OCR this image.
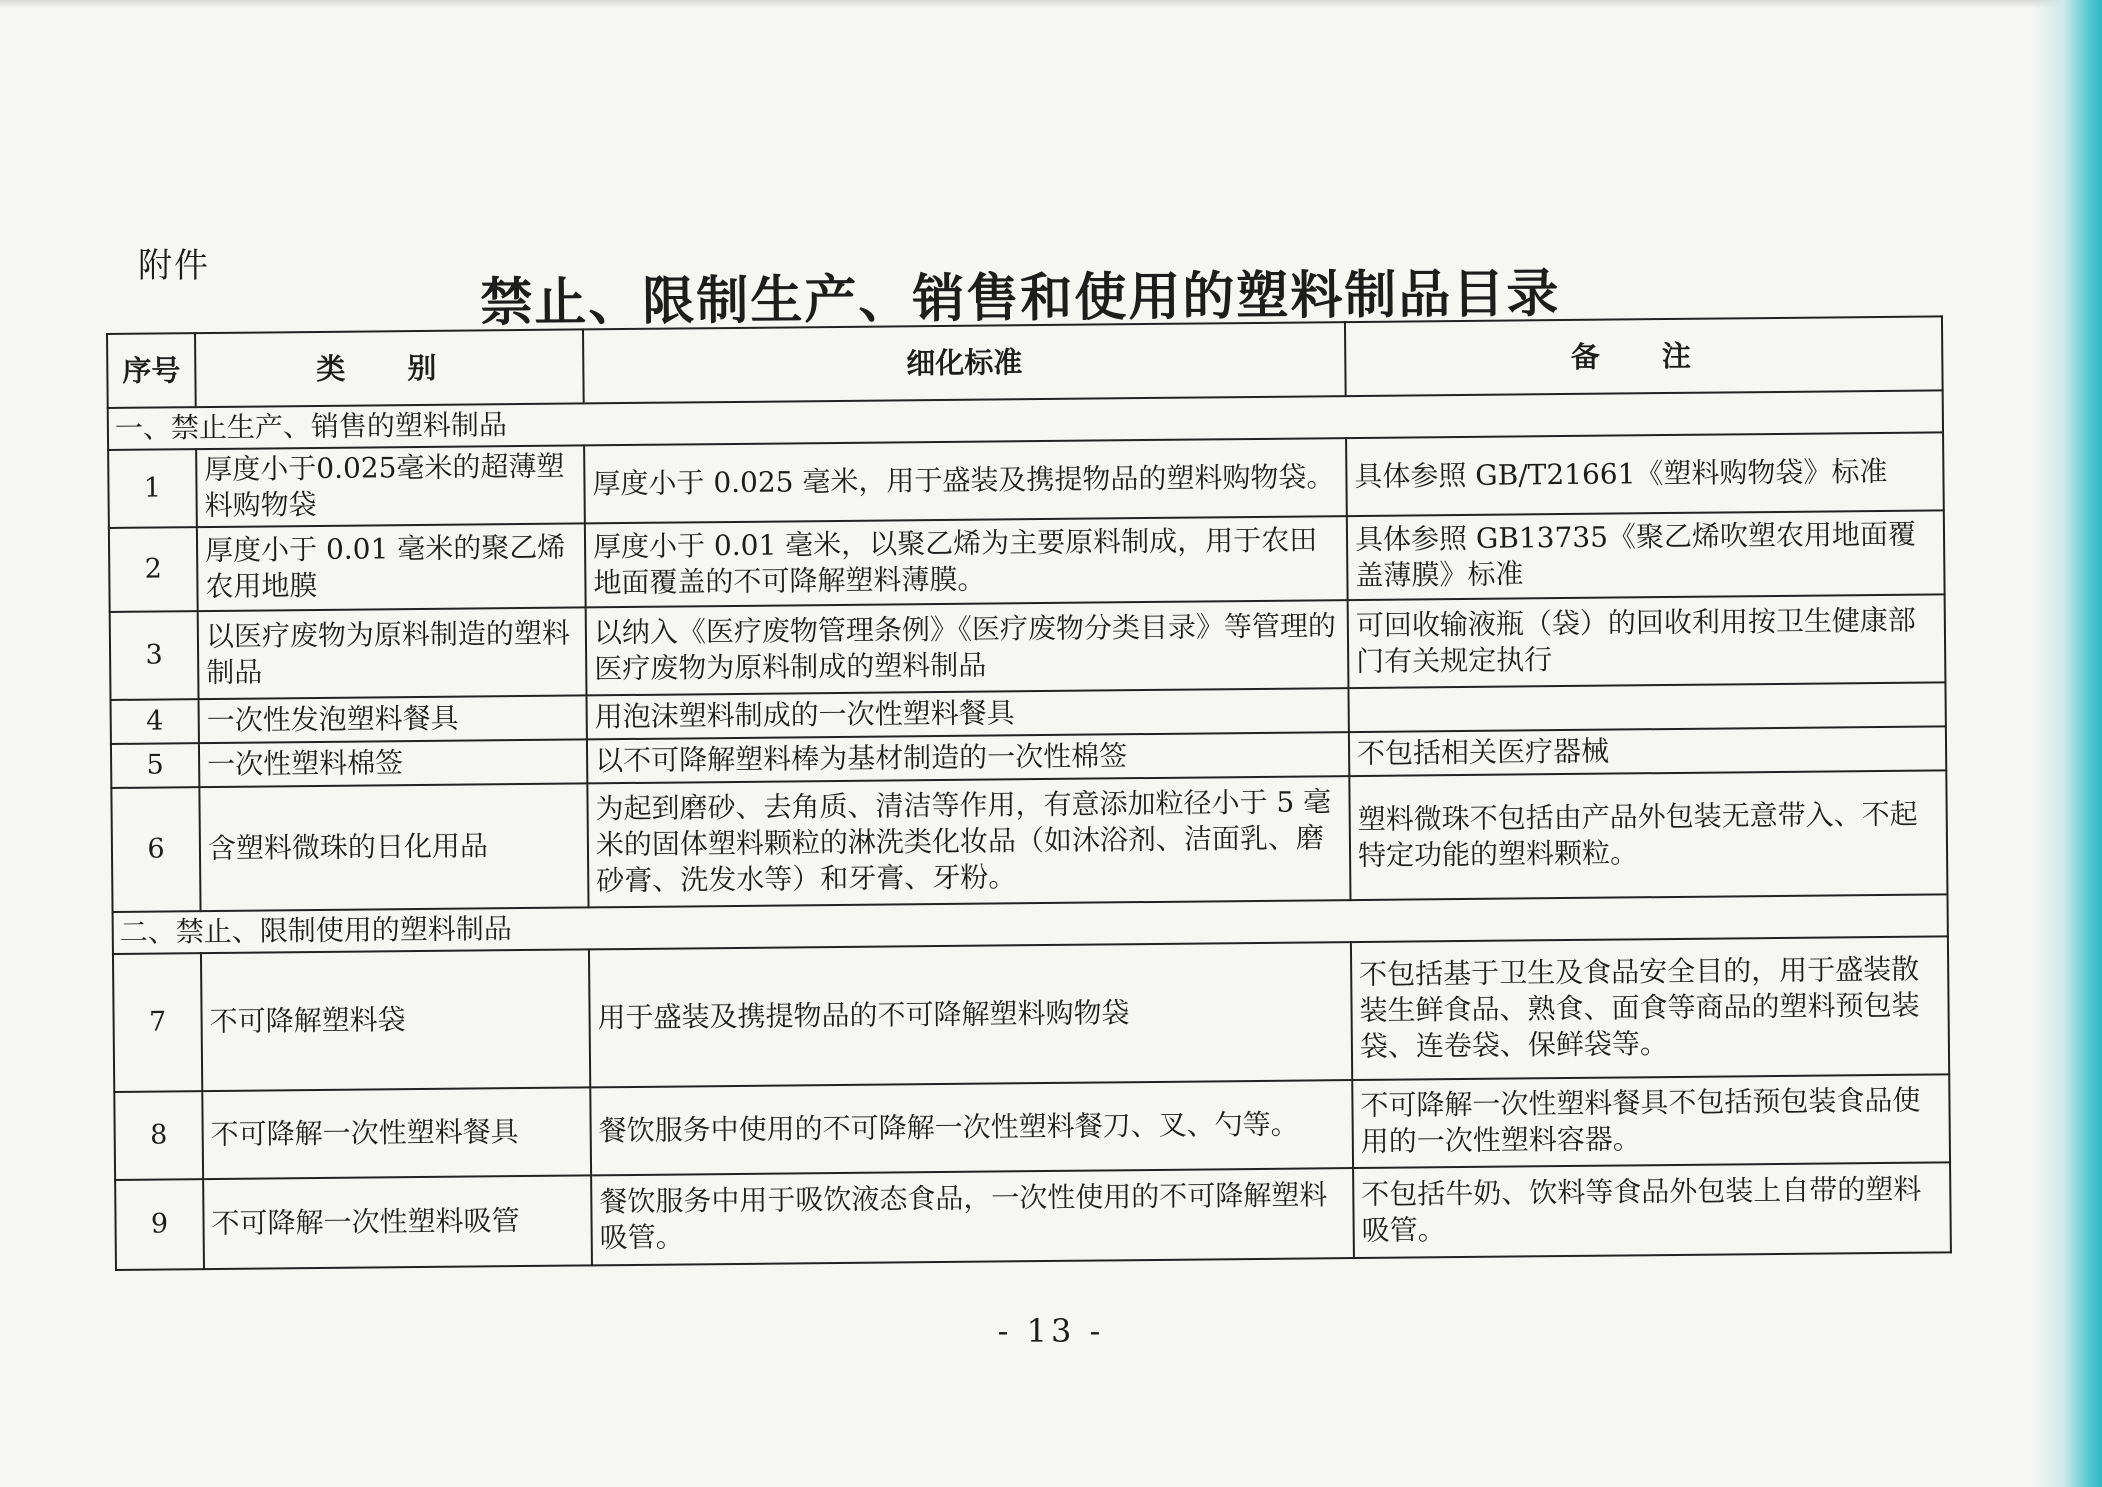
附件	禁止、限制生产、销售和使用的塑料制品目录
序号	类 别	细化标准	备 注
一、禁止生产、销售的塑料制品			
1	厚度小于0.025毫米的超薄塑料购物袋	厚度小于 0.025 毫米，用于盛装及携提物品的塑料购物袋。	具体参照 GB/T21661《塑料购物袋》标准
2	厚度小于 0.01 毫米的聚乙烯农用地膜	厚度小于 0.01 毫米，以聚乙烯为主要原料制成，用于农田地面覆盖的不可降解塑料薄膜。	具体参照 GB13735《聚乙烯吹塑农用地面覆盖薄膜》标准
3	以医疗废物为原料制造的塑料制品	以纳入《医疗废物管理条例》《医疗废物分类目录》等管理的医疗废物为原料制成的塑料制品	可回收输液瓶（袋）的回收利用按卫生健康部门有关规定执行
4	一次性发泡塑料餐具	用泡沫塑料制成的一次性塑料餐具	
5	一次性塑料棉签	以不可降解塑料棒为基材制造的一次性棉签	不包括相关医疗器械
6	含塑料微珠的日化用品	为起到磨砂、去角质、清洁等作用，有意添加粒径小于 5 毫米的固体塑料颗粒的淋洗类化妆品（如沐浴剂、洁面乳、磨砂膏、洗发水等）和牙膏、牙粉。	塑料微珠不包括由产品外包装无意带入、不起特定功能的塑料颗粒。
二、禁止、限制使用的塑料制品			
7	不可降解塑料袋	用于盛装及携提物品的不可降解塑料购物袋	不包括基于卫生及食品安全目的，用于盛装散装生鲜食品、熟食、面食等商品的塑料预包装袋、连卷袋、保鲜袋等。
8	不可降解一次性塑料餐具	餐饮服务中使用的不可降解一次性塑料餐刀、叉、勺等。	不可降解一次性塑料餐具不包括预包装食品使用的一次性塑料容器。
9	不可降解一次性塑料吸管	餐饮服务中用于吸饮液态食品，一次性使用的不可降解塑料吸管。	不包括牛奶、饮料等食品外包装上自带的塑料吸管。
- 13 -
